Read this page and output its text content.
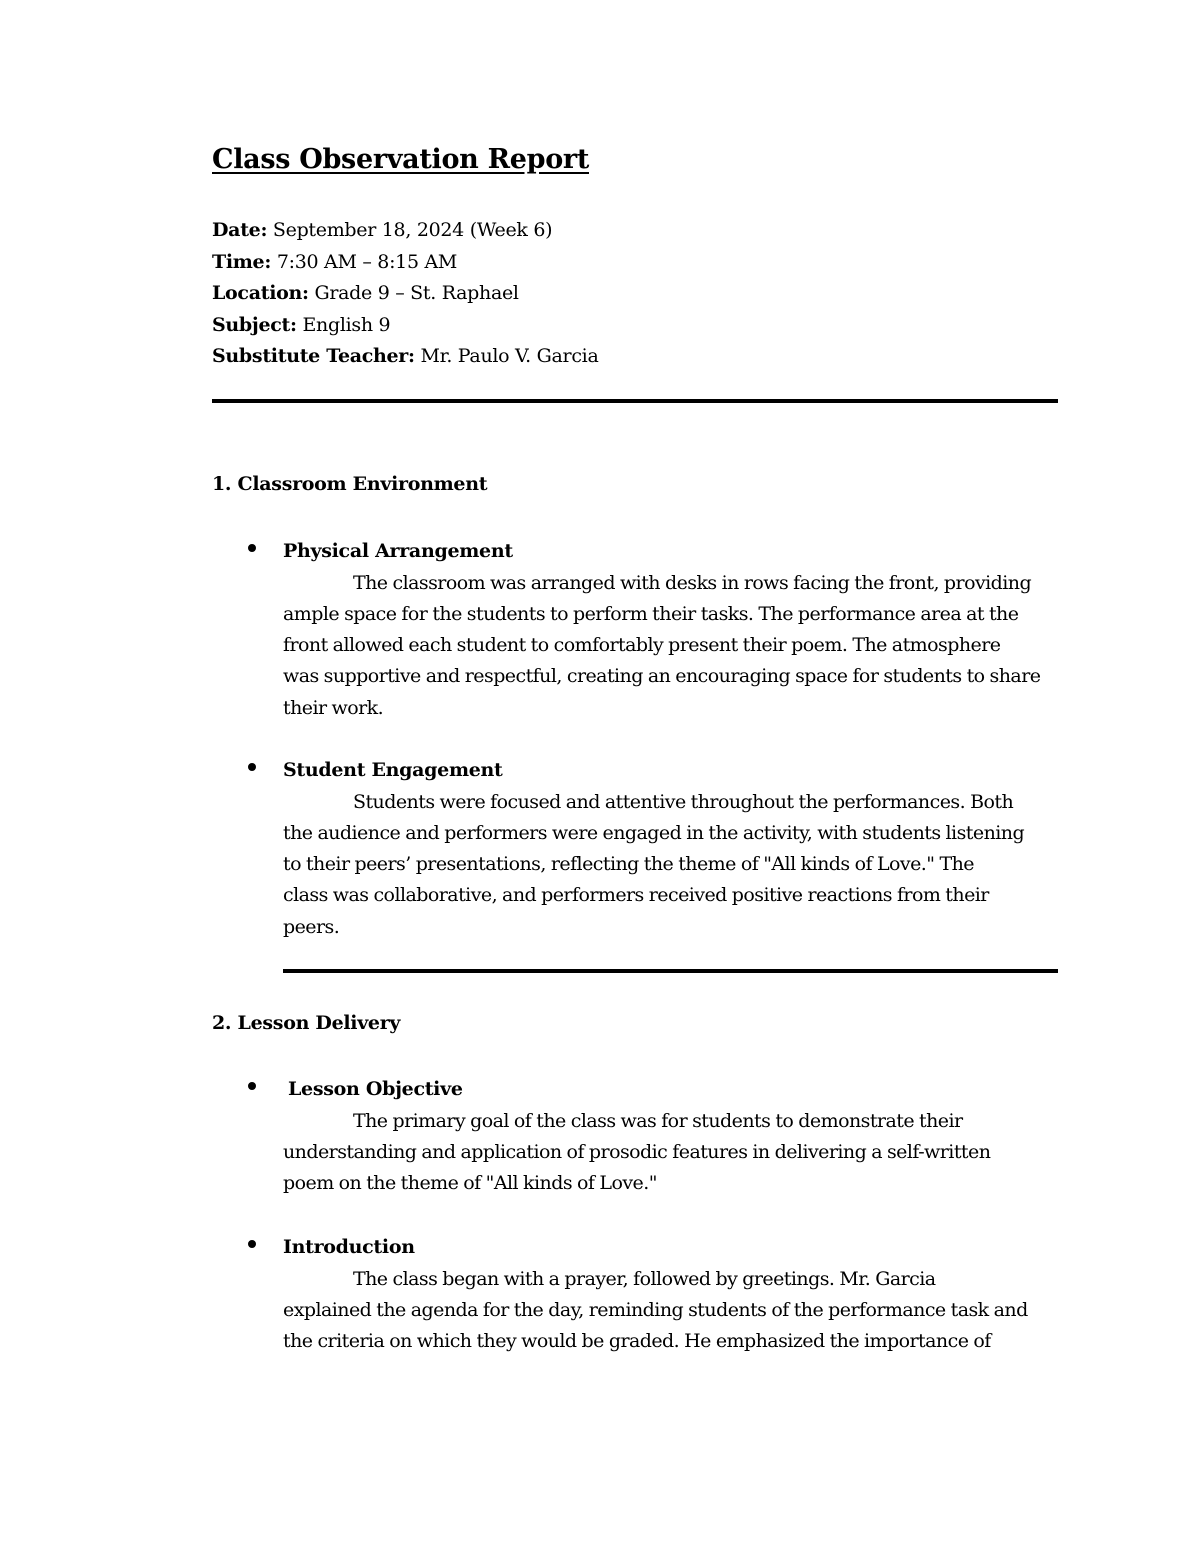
Class Observation Report
Date: September 18, 2024 (Week 6)
Time: 7:30 AM – 8:15 AM
Location: Grade 9 – St. Raphael
Subject: English 9
Substitute Teacher: Mr. Paulo V. Garcia
1. Classroom Environment
Physical Arrangement
The classroom was arranged with desks in rows facing the front, providing
ample space for the students to perform their tasks. The performance area at the
front allowed each student to comfortably present their poem. The atmosphere
was supportive and respectful, creating an encouraging space for students to share
their work.
Student Engagement
Students were focused and attentive throughout the performances. Both
the audience and performers were engaged in the activity, with students listening
to their peers’ presentations, reflecting the theme of "All kinds of Love." The
class was collaborative, and performers received positive reactions from their
peers.
2. Lesson Delivery
Lesson Objective
The primary goal of the class was for students to demonstrate their
understanding and application of prosodic features in delivering a self-written
poem on the theme of "All kinds of Love."
Introduction
The class began with a prayer, followed by greetings. Mr. Garcia
explained the agenda for the day, reminding students of the performance task and
the criteria on which they would be graded. He emphasized the importance of
